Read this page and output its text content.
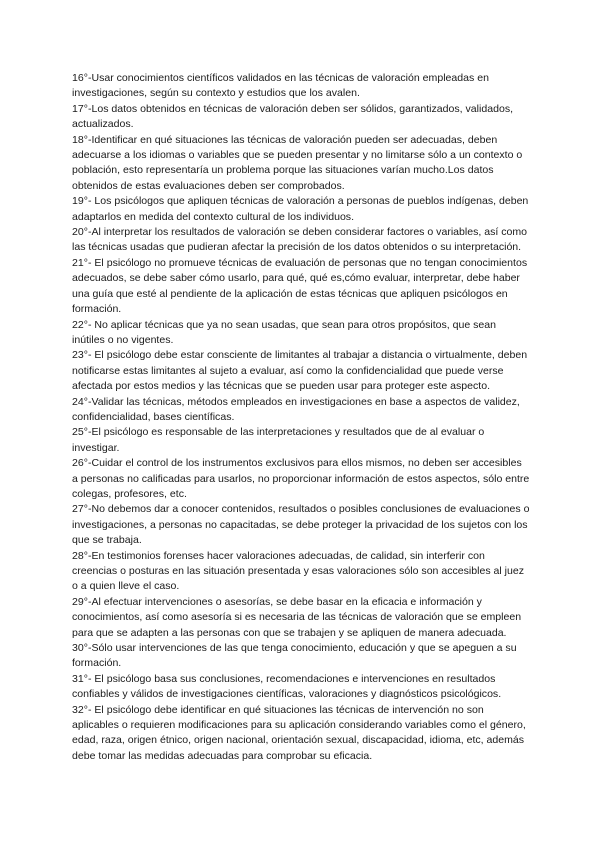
16°-Usar conocimientos científicos validados en las técnicas de valoración empleadas en investigaciones, según su contexto y estudios que los avalen.

17°-Los datos obtenidos en técnicas de valoración deben ser sólidos, garantizados, validados, actualizados.

18°-Identificar en qué situaciones las técnicas de valoración pueden ser adecuadas, deben adecuarse a los idiomas o variables que se pueden presentar y no limitarse sólo a un contexto o población, esto representaría un problema porque las situaciones varían mucho.Los datos obtenidos de estas evaluaciones deben ser comprobados.

19°- Los psicólogos que apliquen técnicas de valoración a personas de pueblos indígenas, deben adaptarlos en medida del contexto cultural de los individuos.

20°-Al interpretar los resultados de valoración se deben considerar factores o variables, así como las técnicas usadas que pudieran afectar la precisión de los datos obtenidos o su interpretación.

21°- El psicólogo no promueve técnicas de evaluación de personas que no tengan conocimientos adecuados, se debe saber cómo usarlo, para qué, qué es,cómo evaluar, interpretar, debe haber una guía que esté al pendiente de la aplicación de estas técnicas que apliquen psicólogos en formación.

22°- No aplicar técnicas que ya no sean usadas, que sean para otros propósitos, que sean inútiles o no vigentes.

23°- El psicólogo debe estar consciente de limitantes al trabajar a distancia o virtualmente, deben notificarse estas limitantes al sujeto a evaluar, así como la confidencialidad que puede verse afectada por estos medios y las técnicas que se pueden usar para proteger este aspecto.

24°-Validar las técnicas, métodos empleados en investigaciones en base a aspectos de validez, confidencialidad, bases científicas.

25°-El psicólogo es responsable de las interpretaciones y resultados que de al evaluar o investigar.

26°-Cuidar el control de los instrumentos exclusivos para ellos mismos, no deben ser accesibles a personas no calificadas para usarlos, no proporcionar información de estos aspectos, sólo entre colegas, profesores, etc.

27°-No debemos dar a conocer contenidos, resultados o posibles conclusiones de evaluaciones o investigaciones, a personas no capacitadas, se debe proteger la privacidad de los sujetos con los que se trabaja.

28°-En testimonios forenses hacer valoraciones adecuadas, de calidad, sin interferir con creencias o posturas en las situación presentada y esas valoraciones sólo son accesibles al juez o a quien lleve el caso.

29°-Al efectuar intervenciones o asesorías, se debe basar en la eficacia e información y conocimientos, así como asesoría si es necesaria de las técnicas de valoración que se empleen para que se adapten a las personas con que se trabajen y se apliquen de manera adecuada.

30°-Sólo usar intervenciones de las que tenga conocimiento, educación y que se apeguen a su formación.

31°- El psicólogo basa sus conclusiones, recomendaciones e intervenciones en resultados confiables y válidos de investigaciones científicas, valoraciones y diagnósticos psicológicos.

32°- El psicólogo debe identificar en qué situaciones las técnicas de intervención no son aplicables o requieren modificaciones para su aplicación considerando variables como el género, edad, raza, origen étnico, origen nacional, orientación sexual, discapacidad, idioma, etc, además debe tomar las medidas adecuadas para comprobar su eficacia.
